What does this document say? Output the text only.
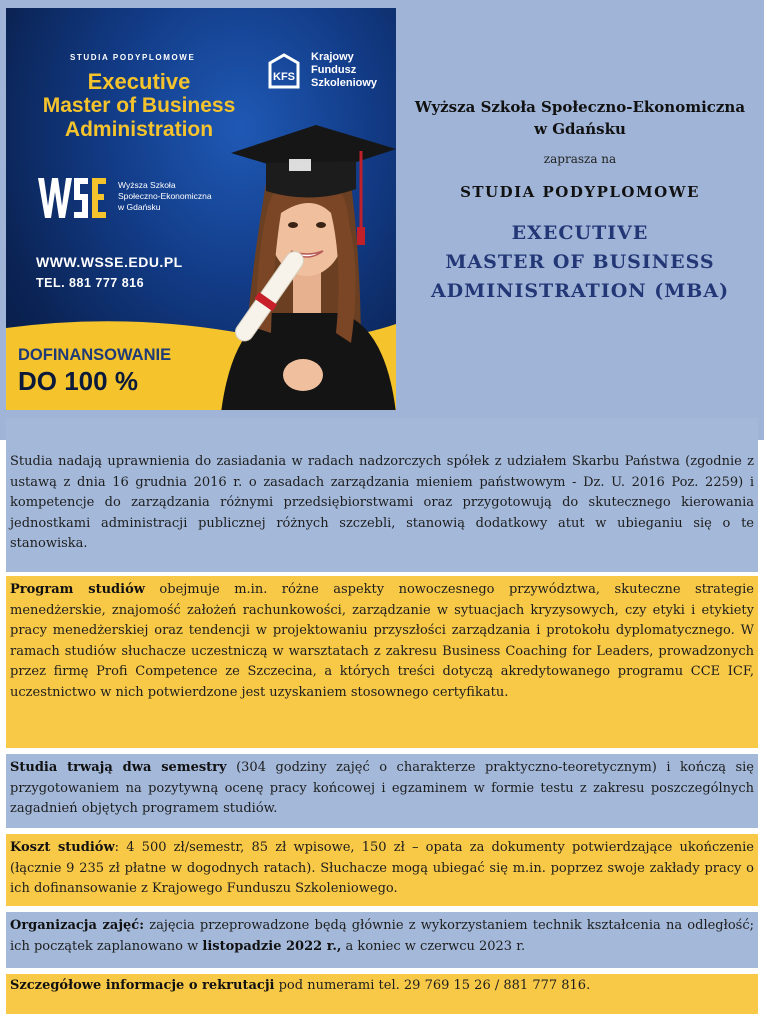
STUDIA PODYPLOMOWE
Executive
Master of Business
Administration
KFS
Krajowy
Fundusz
Szkoleniowy
Wyższa Szkoła
Społeczno-Ekonomiczna
w Gdańsku
WWW.WSSE.EDU.PL
TEL. 881 777 816
DOFINANSOWANIE
DO 100 %
Wyższa Szkoła Społeczno-Ekonomiczna
w Gdańsku
zaprasza na
STUDIA PODYPLOMOWE
EXECUTIVE
MASTER OF BUSINESS
ADMINISTRATION (MBA)
Studia nadają uprawnienia do zasiadania w radach nadzorczych spółek z udziałem Skarbu Państwa (zgodnie z ustawą z dnia 16 grudnia 2016 r. o zasadach zarządzania mieniem państwowym - Dz. U. 2016 Poz. 2259) i kompetencje do zarządzania różnymi przedsiębiorstwami oraz przygotowują do skutecznego kierowania jednostkami administracji publicznej różnych szczebli, stanowią dodatkowy atut w ubieganiu się o te stanowiska.
Program studiów obejmuje m.in. różne aspekty nowoczesnego przywództwa, skuteczne strategie menedżerskie, znajomość założeń rachunkowości, zarządzanie w sytuacjach kryzysowych, czy etyki i etykiety pracy menedżerskiej oraz tendencji w projektowaniu przyszłości zarządzania i protokołu dyplomatycznego. W ramach studiów słuchacze uczestniczą w warsztatach z zakresu Business Coaching for Leaders, prowadzonych przez firmę Profi Competence ze Szczecina, a których treści dotyczą akredytowanego programu CCE ICF, uczestnictwo w nich potwierdzone jest uzyskaniem stosownego certyfikatu.
Studia trwają dwa semestry (304 godziny zajęć o charakterze praktyczno-teoretycznym) i kończą się przygotowaniem na pozytywną ocenę pracy końcowej i egzaminem w formie testu z zakresu poszczególnych zagadnień objętych programem studiów.
Koszt studiów: 4 500 zł/semestr, 85 zł wpisowe, 150 zł – opata za dokumenty potwierdzające ukończenie (łącznie 9 235 zł płatne w dogodnych ratach). Słuchacze mogą ubiegać się m.in. poprzez swoje zakłady pracy o ich dofinansowanie z Krajowego Funduszu Szkoleniowego.
Organizacja zajęć: zajęcia przeprowadzone będą głównie z wykorzystaniem technik kształcenia na odległość; ich początek zaplanowano w listopadzie 2022 r., a koniec w czerwcu 2023 r.
Szczegółowe informacje o rekrutacji pod numerami tel. 29 769 15 26 / 881 777 816.
